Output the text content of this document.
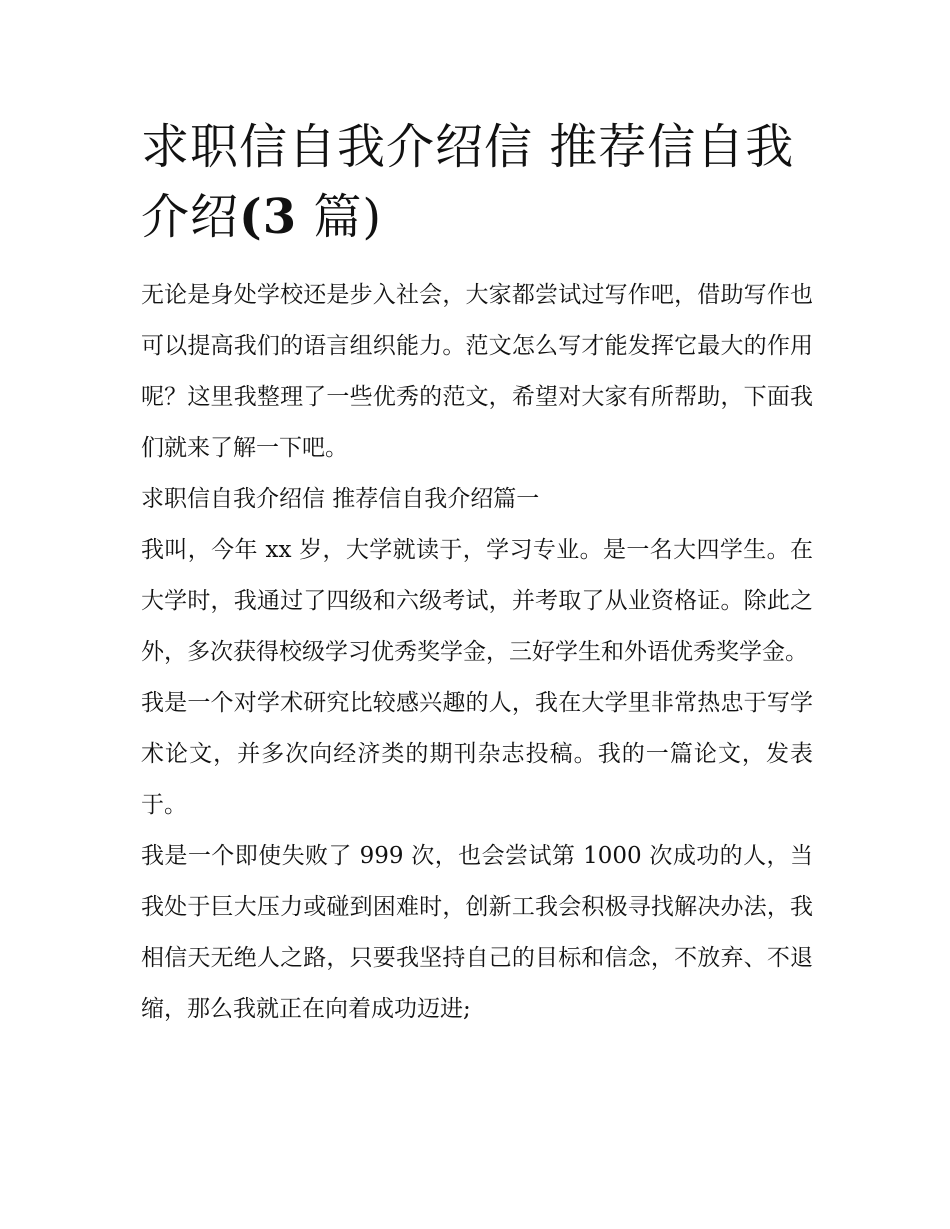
求职信自我介绍信 推荐信自我介绍(3 篇)

无论是身处学校还是步入社会，大家都尝试过写作吧，借助写作也可以提高我们的语言组织能力。范文怎么写才能发挥它最大的作用呢？这里我整理了一些优秀的范文，希望对大家有所帮助，下面我们就来了解一下吧。

求职信自我介绍信 推荐信自我介绍篇一

我叫，今年 xx 岁，大学就读于，学习专业。是一名大四学生。在大学时，我通过了四级和六级考试，并考取了从业资格证。除此之外，多次获得校级学习优秀奖学金，三好学生和外语优秀奖学金。

我是一个对学术研究比较感兴趣的人，我在大学里非常热忠于写学术论文，并多次向经济类的期刊杂志投稿。我的一篇论文，发表于。

我是一个即使失败了 999 次，也会尝试第 1000 次成功的人，当我处于巨大压力或碰到困难时，创新工我会积极寻找解决办法，我相信天无绝人之路，只要我坚持自己的目标和信念，不放弃、不退缩，那么我就正在向着成功迈进;
